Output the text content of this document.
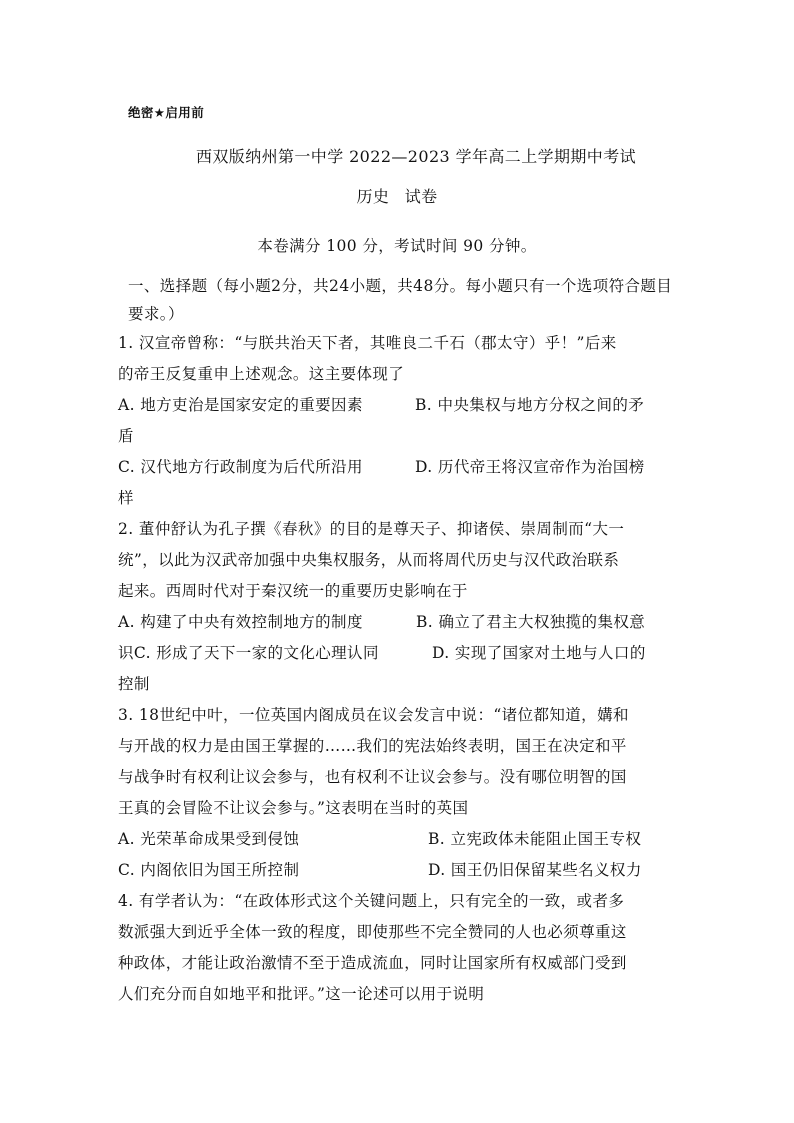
绝密★启用前
西双版纳州第一中学 2022—2023 学年高二上学期期中考试
历史 试卷
本卷满分 100 分，考试时间 90 分钟。
一、选择题（每小题2分，共24小题，共48分。每小题只有一个选项符合题目
要求。）
1. 汉宣帝曾称：“与朕共治天下者，其唯良二千石（郡太守）乎！”后来
的帝王反复重申上述观念。这主要体现了
A. 地方吏治是国家安定的重要因素	B. 中央集权与地方分权之间的矛
盾
C. 汉代地方行政制度为后代所沿用	D. 历代帝王将汉宣帝作为治国榜
样
2. 董仲舒认为孔子撰《春秋》的目的是尊天子、抑诸侯、崇周制而“大一
统”，以此为汉武帝加强中央集权服务，从而将周代历史与汉代政治联系
起来。西周时代对于秦汉统一的重要历史影响在于
A. 构建了中央有效控制地方的制度	B. 确立了君主大权独揽的集权意
识C. 形成了天下一家的文化心理认同	D. 实现了国家对土地与人口的
控制
3. 18世纪中叶，一位英国内阁成员在议会发言中说：“诸位都知道，媾和
与开战的权力是由国王掌握的……我们的宪法始终表明，国王在决定和平
与战争时有权利让议会参与，也有权利不让议会参与。没有哪位明智的国
王真的会冒险不让议会参与。”这表明在当时的英国
A. 光荣革命成果受到侵蚀	B. 立宪政体未能阻止国王专权
C. 内阁依旧为国王所控制	D. 国王仍旧保留某些名义权力
4. 有学者认为：“在政体形式这个关键问题上，只有完全的一致，或者多
数派强大到近乎全体一致的程度，即使那些不完全赞同的人也必须尊重这
种政体，才能让政治激情不至于造成流血，同时让国家所有权威部门受到
人们充分而自如地平和批评。”这一论述可以用于说明
